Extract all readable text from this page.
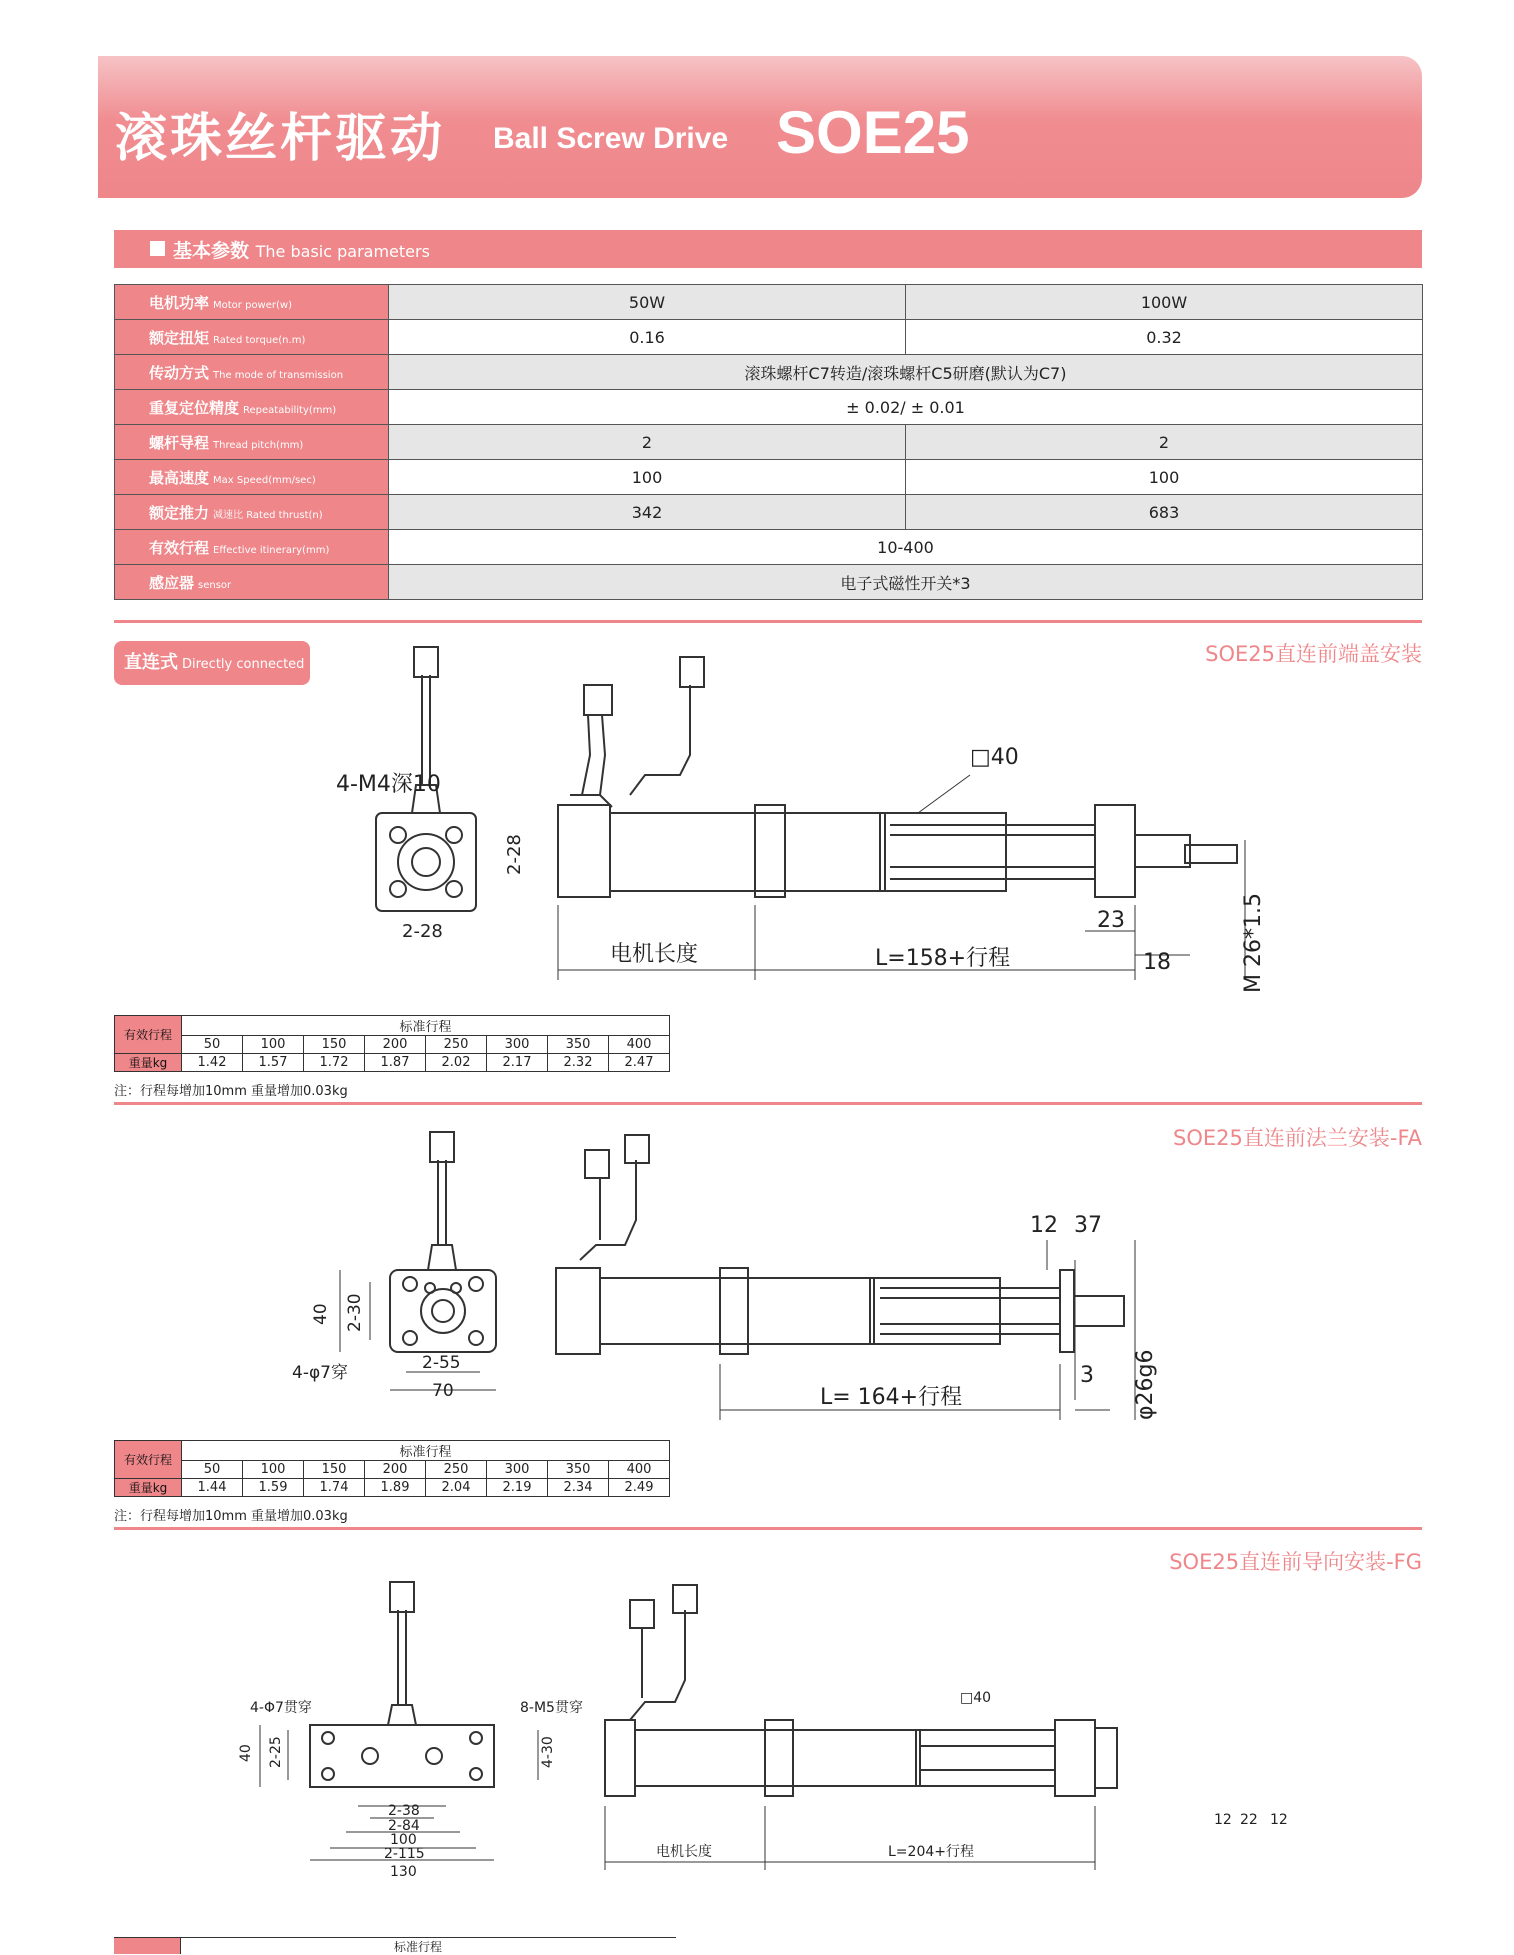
滚珠丝杆驱动 Ball Screw Drive SOE25
基本参数 The basic parameters
电机功率 Motor power(w)	50W	100W
额定扭矩 Rated torque(n.m)	0.16	0.32
传动方式 The mode of transmission	滚珠螺杆C7转造/滚珠螺杆C5研磨(默认为C7)	
重复定位精度 Repeatability(mm)	± 0.02/ ± 0.01	
螺杆导程 Thread pitch(mm)	2	2
最高速度 Max Speed(mm/sec)	100	100
额定推力 减速比 Rated thrust(n)	342	683
有效行程 Effective itinerary(mm)	10-400	
感应器 sensor	电子式磁性开关*3	
直连式 Directly connected	SOE25直连前端盖安装
4-M4深10
2-28
2-28
□40
电机长度	L=158+行程
23
18	M 26*1.5
有效行程	标准行程							
	50	100	150	200	250	300	350	400
重量kg	1.42	1.57	1.72	1.87	2.02	2.17	2.32	2.47
注：行程每增加10mm 重量增加0.03kg
SOE25直连前法兰安装-FA
40 2-30
4-φ7穿	2-55
70	L= 164+行程
12 37
3 φ26g6
有效行程	标准行程							
	50	100	150	200	250	300	350	400
重量kg	1.44	1.59	1.74	1.89	2.04	2.19	2.34	2.49
注：行程每增加10mm 重量增加0.03kg
SOE25直连前导向安装-FG
4-Φ7贯穿	8-M5贯穿
40 2-25	4-30
2-38
2-84
100
2-115
130
□40
电机长度	L=204+行程
12 22 12
标准行程
